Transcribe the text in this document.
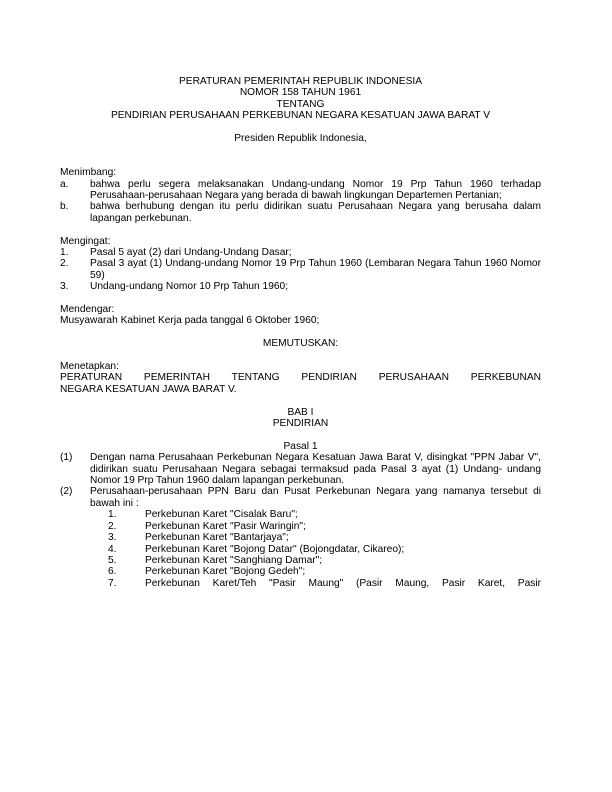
PERATURAN PEMERINTAH REPUBLIK INDONESIA
NOMOR 158 TAHUN 1961
TENTANG
PENDIRIAN PERUSAHAAN PERKEBUNAN NEGARA KESATUAN JAWA BARAT V
Presiden Republik Indonesia,
Menimbang:
a.	bahwa perlu segera melaksanakan Undang-undang Nomor 19 Prp Tahun 1960 terhadap Perusahaan-perusahaan Negara yang berada di bawah lingkungan Departemen Pertanian;
b.	bahwa berhubung dengan itu perlu didirikan suatu Perusahaan Negara yang berusaha dalam lapangan perkebunan.
Mengingat:
1.	Pasal 5 ayat (2) dari Undang-Undang Dasar;
2.	Pasal 3 ayat (1) Undang-undang Nomor 19 Prp Tahun 1960 (Lembaran Negara Tahun 1960 Nomor 59)
3.	Undang-undang Nomor 10 Prp Tahun 1960;
Mendengar:
Musyawarah Kabinet Kerja pada tanggal 6 Oktober 1960;
MEMUTUSKAN:
Menetapkan:
PERATURAN PEMERINTAH TENTANG PENDIRIAN PERUSAHAAN PERKEBUNAN
NEGARA KESATUAN JAWA BARAT V.
BAB I
PENDIRIAN
Pasal 1
(1)	Dengan nama Perusahaan Perkebunan Negara Kesatuan Jawa Barat V, disingkat "PPN Jabar V", didirikan suatu Perusahaan Negara sebagai termaksud pada Pasal 3 ayat (1) Undang- undang Nomor 19 Prp Tahun 1960 dalam lapangan perkebunan.
(2)	Perusahaan-perusahaan PPN Baru dan Pusat Perkebunan Negara yang namanya tersebut di bawah ini :
1.	Perkebunan Karet "Cisalak Baru";
2.	Perkebunan Karet "Pasir Waringin";
3.	Perkebunan Karet "Bantarjaya";
4.	Perkebunan Karet "Bojong Datar" (Bojongdatar, Cikareo);
5.	Perkebunan Karet "Sanghiang Damar";
6.	Perkebunan Karet "Bojong Gedeh";
7.	Perkebunan Karet/Teh "Pasir Maung" (Pasir Maung, Pasir Karet, Pasir
